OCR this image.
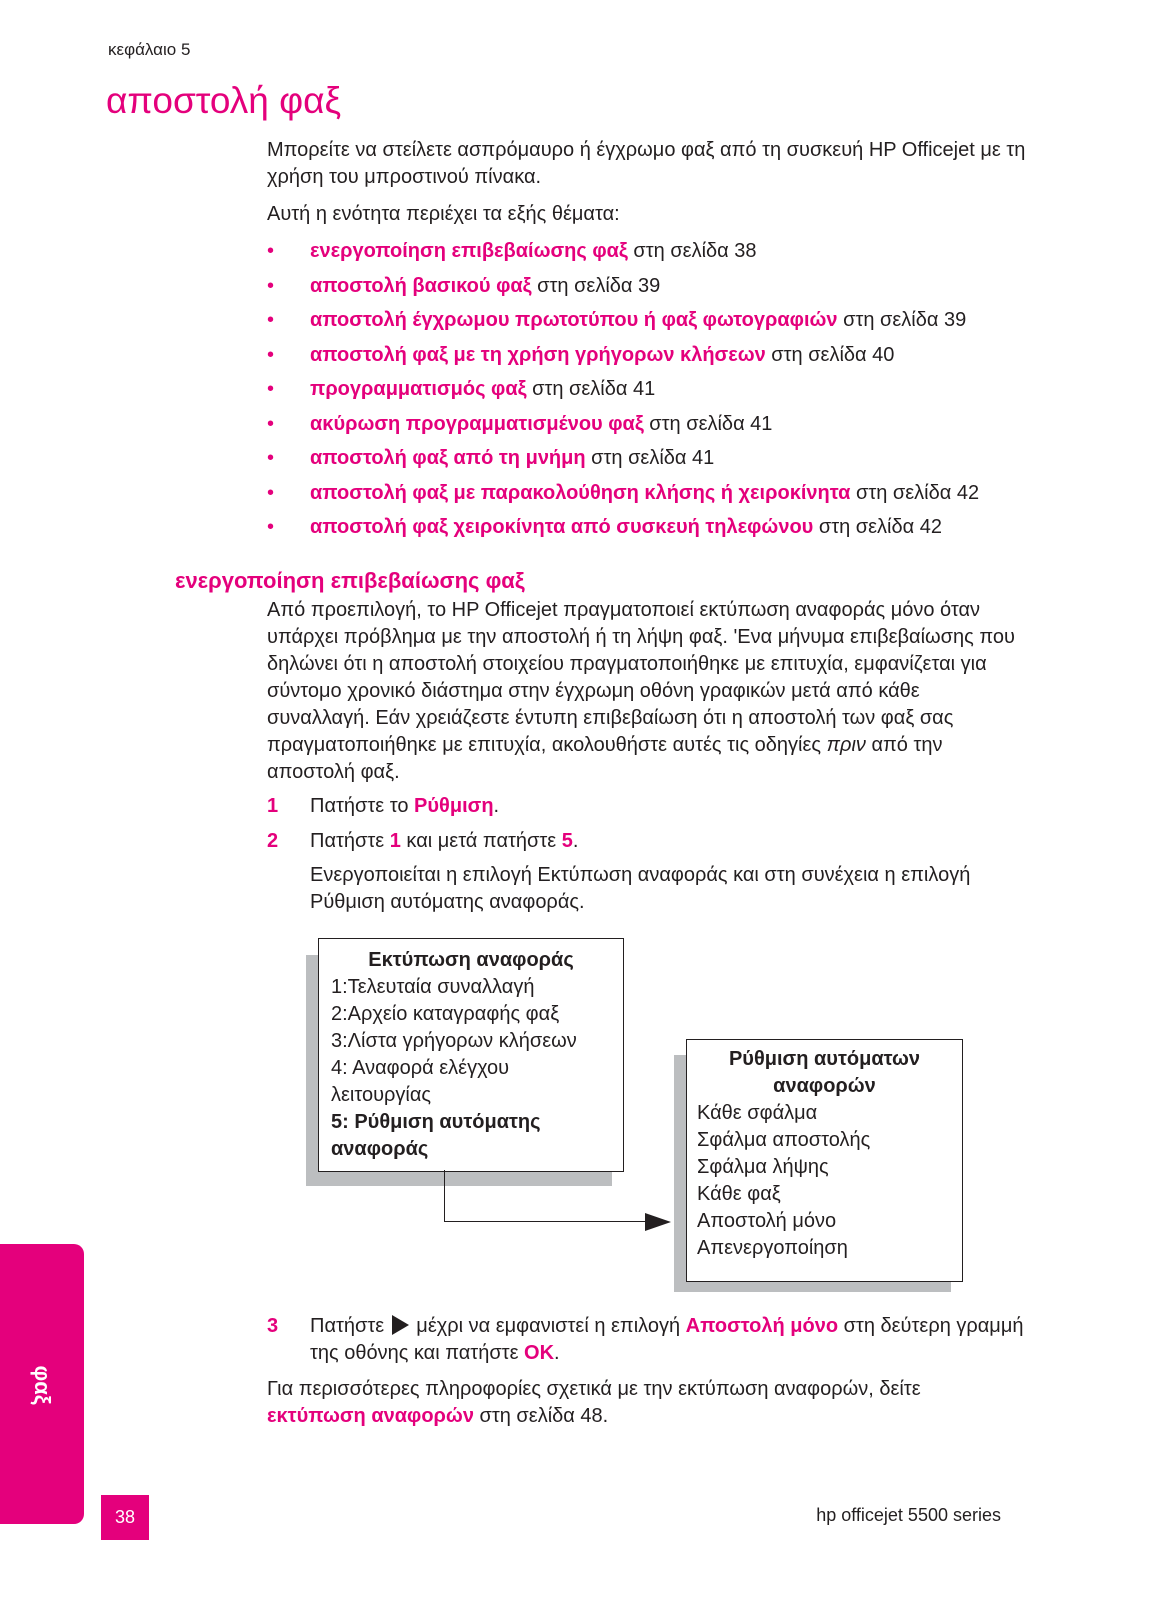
κεφάλαιο 5
αποστολή φαξ

Μπορείτε να στείλετε ασπρόμαυρο ή έγχρωμο φαξ από τη συσκευή HP Officejet με τη χρήση του μπροστινού πίνακα.

Αυτή η ενότητα περιέχει τα εξής θέματα:

• ενεργοποίηση επιβεβαίωσης φαξ στη σελίδα 38
• αποστολή βασικού φαξ στη σελίδα 39
• αποστολή έγχρωμου πρωτοτύπου ή φαξ φωτογραφιών στη σελίδα 39
• αποστολή φαξ με τη χρήση γρήγορων κλήσεων στη σελίδα 40
• προγραμματισμός φαξ στη σελίδα 41
• ακύρωση προγραμματισμένου φαξ στη σελίδα 41
• αποστολή φαξ από τη μνήμη στη σελίδα 41
• αποστολή φαξ με παρακολούθηση κλήσης ή χειροκίνητα στη σελίδα 42
• αποστολή φαξ χειροκίνητα από συσκευή τηλεφώνου στη σελίδα 42
ενεργοποίηση επιβεβαίωσης φαξ

Από προεπιλογή, το HP Officejet πραγματοποιεί εκτύπωση αναφοράς μόνο όταν υπάρχει πρόβλημα με την αποστολή ή τη λήψη φαξ. 'Ενα μήνυμα επιβεβαίωσης που δηλώνει ότι η αποστολή στοιχείου πραγματοποιήθηκε με επιτυχία, εμφανίζεται για σύντομο χρονικό διάστημα στην έγχρωμη οθόνη γραφικών μετά από κάθε συναλλαγή. Εάν χρειάζεστε έντυπη επιβεβαίωση ότι η αποστολή των φαξ σας πραγματοποιήθηκε με επιτυχία, ακολουθήστε αυτές τις οδηγίες πριν από την αποστολή φαξ.

1 Πατήστε το Ρύθμιση.
2 Πατήστε 1 και μετά πατήστε 5.
Ενεργοποιείται η επιλογή Εκτύπωση αναφοράς και στη συνέχεια η επιλογή Ρύθμιση αυτόματης αναφοράς.
Εκτύπωση αναφοράς
1:Τελευταία συναλλαγή
2:Αρχείο καταγραφής φαξ
3:Λίστα γρήγορων κλήσεων
4: Αναφορά ελέγχου
λειτουργίας
5: Ρύθμιση αυτόματης
αναφοράς
Ρύθμιση αυτόματων
αναφορών
Κάθε σφάλμα
Σφάλμα αποστολής
Σφάλμα λήψης
Κάθε φαξ
Αποστολή μόνο
Απενεργοποίηση
3 Πατήστε  μέχρι να εμφανιστεί η επιλογή Αποστολή μόνο στη δεύτερη γραμμή της οθόνης και πατήστε OK.

Για περισσότερες πληροφορίες σχετικά με την εκτύπωση αναφορών, δείτε εκτύπωση αναφορών στη σελίδα 48.

φαξ
38	hp officejet 5500 series
